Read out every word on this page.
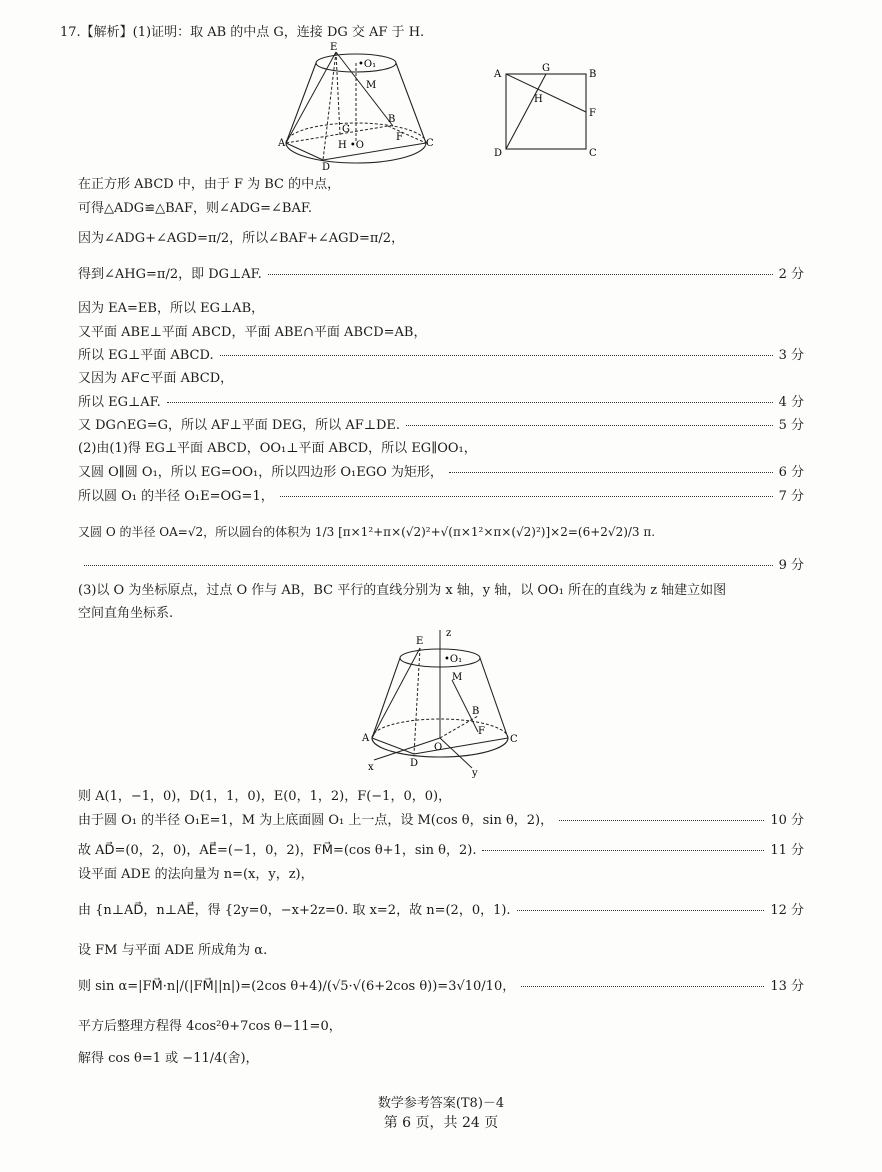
17.【解析】(1)证明：取 AB 的中点 G，连接 DG 交 AF 于 H.
E
•O₁
M
B
A
G
H •O
F
C
D
A
G
B
H
F
D	C
在正方形 ABCD 中，由于 F 为 BC 的中点，
可得△ADG≌△BAF，则∠ADG=∠BAF.
因为∠ADG+∠AGD=π/2，所以∠BAF+∠AGD=π/2，
得到∠AHG=π/2，即 DG⊥AF.	2 分
因为 EA=EB，所以 EG⊥AB，
又平面 ABE⊥平面 ABCD，平面 ABE∩平面 ABCD=AB，
所以 EG⊥平面 ABCD.	3 分
又因为 AF⊂平面 ABCD，
所以 EG⊥AF.	4 分
又 DG∩EG=G，所以 AF⊥平面 DEG，所以 AF⊥DE.	5 分
(2)由(1)得 EG⊥平面 ABCD，OO₁⊥平面 ABCD，所以 EG∥OO₁，
又圆 O∥圆 O₁，所以 EG=OO₁，所以四边形 O₁EGO 为矩形，	6 分
所以圆 O₁ 的半径 O₁E=OG=1，	7 分
又圆 O 的半径 OA=√2，所以圆台的体积为 1/3 [π×1²+π×(√2)²+√(π×1²×π×(√2)²)]×2=(6+2√2)/3 π.
9 分
(3)以 O 为坐标原点，过点 O 作与 AB，BC 平行的直线分别为 x 轴，y 轴，以 OO₁ 所在的直线为 z 轴建立如图
空间直角坐标系.
z
E
•O₁
M
B
A
F
C
O
D
x
y
则 A(1，−1，0)，D(1，1，0)，E(0，1，2)，F(−1，0，0)，
由于圆 O₁ 的半径 O₁E=1，M 为上底面圆 O₁ 上一点，设 M(cos θ，sin θ，2)，	10 分
故 AD⃗=(0，2，0)，AE⃗=(−1，0，2)，FM⃗=(cos θ+1，sin θ，2).	11 分
设平面 ADE 的法向量为 n=(x，y，z)，
由 {n⊥AD⃗，n⊥AE⃗，得 {2y=0，−x+2z=0. 取 x=2，故 n=(2，0，1).	12 分
设 FM 与平面 ADE 所成角为 α.
则 sin α=|FM⃗·n|/(|FM⃗||n|)=(2cos θ+4)/(√5·√(6+2cos θ))=3√10/10，	13 分
平方后整理方程得 4cos²θ+7cos θ−11=0，
解得 cos θ=1 或 −11/4(舍)，
数学参考答案(T8)－4
第 6 页，共 24 页
